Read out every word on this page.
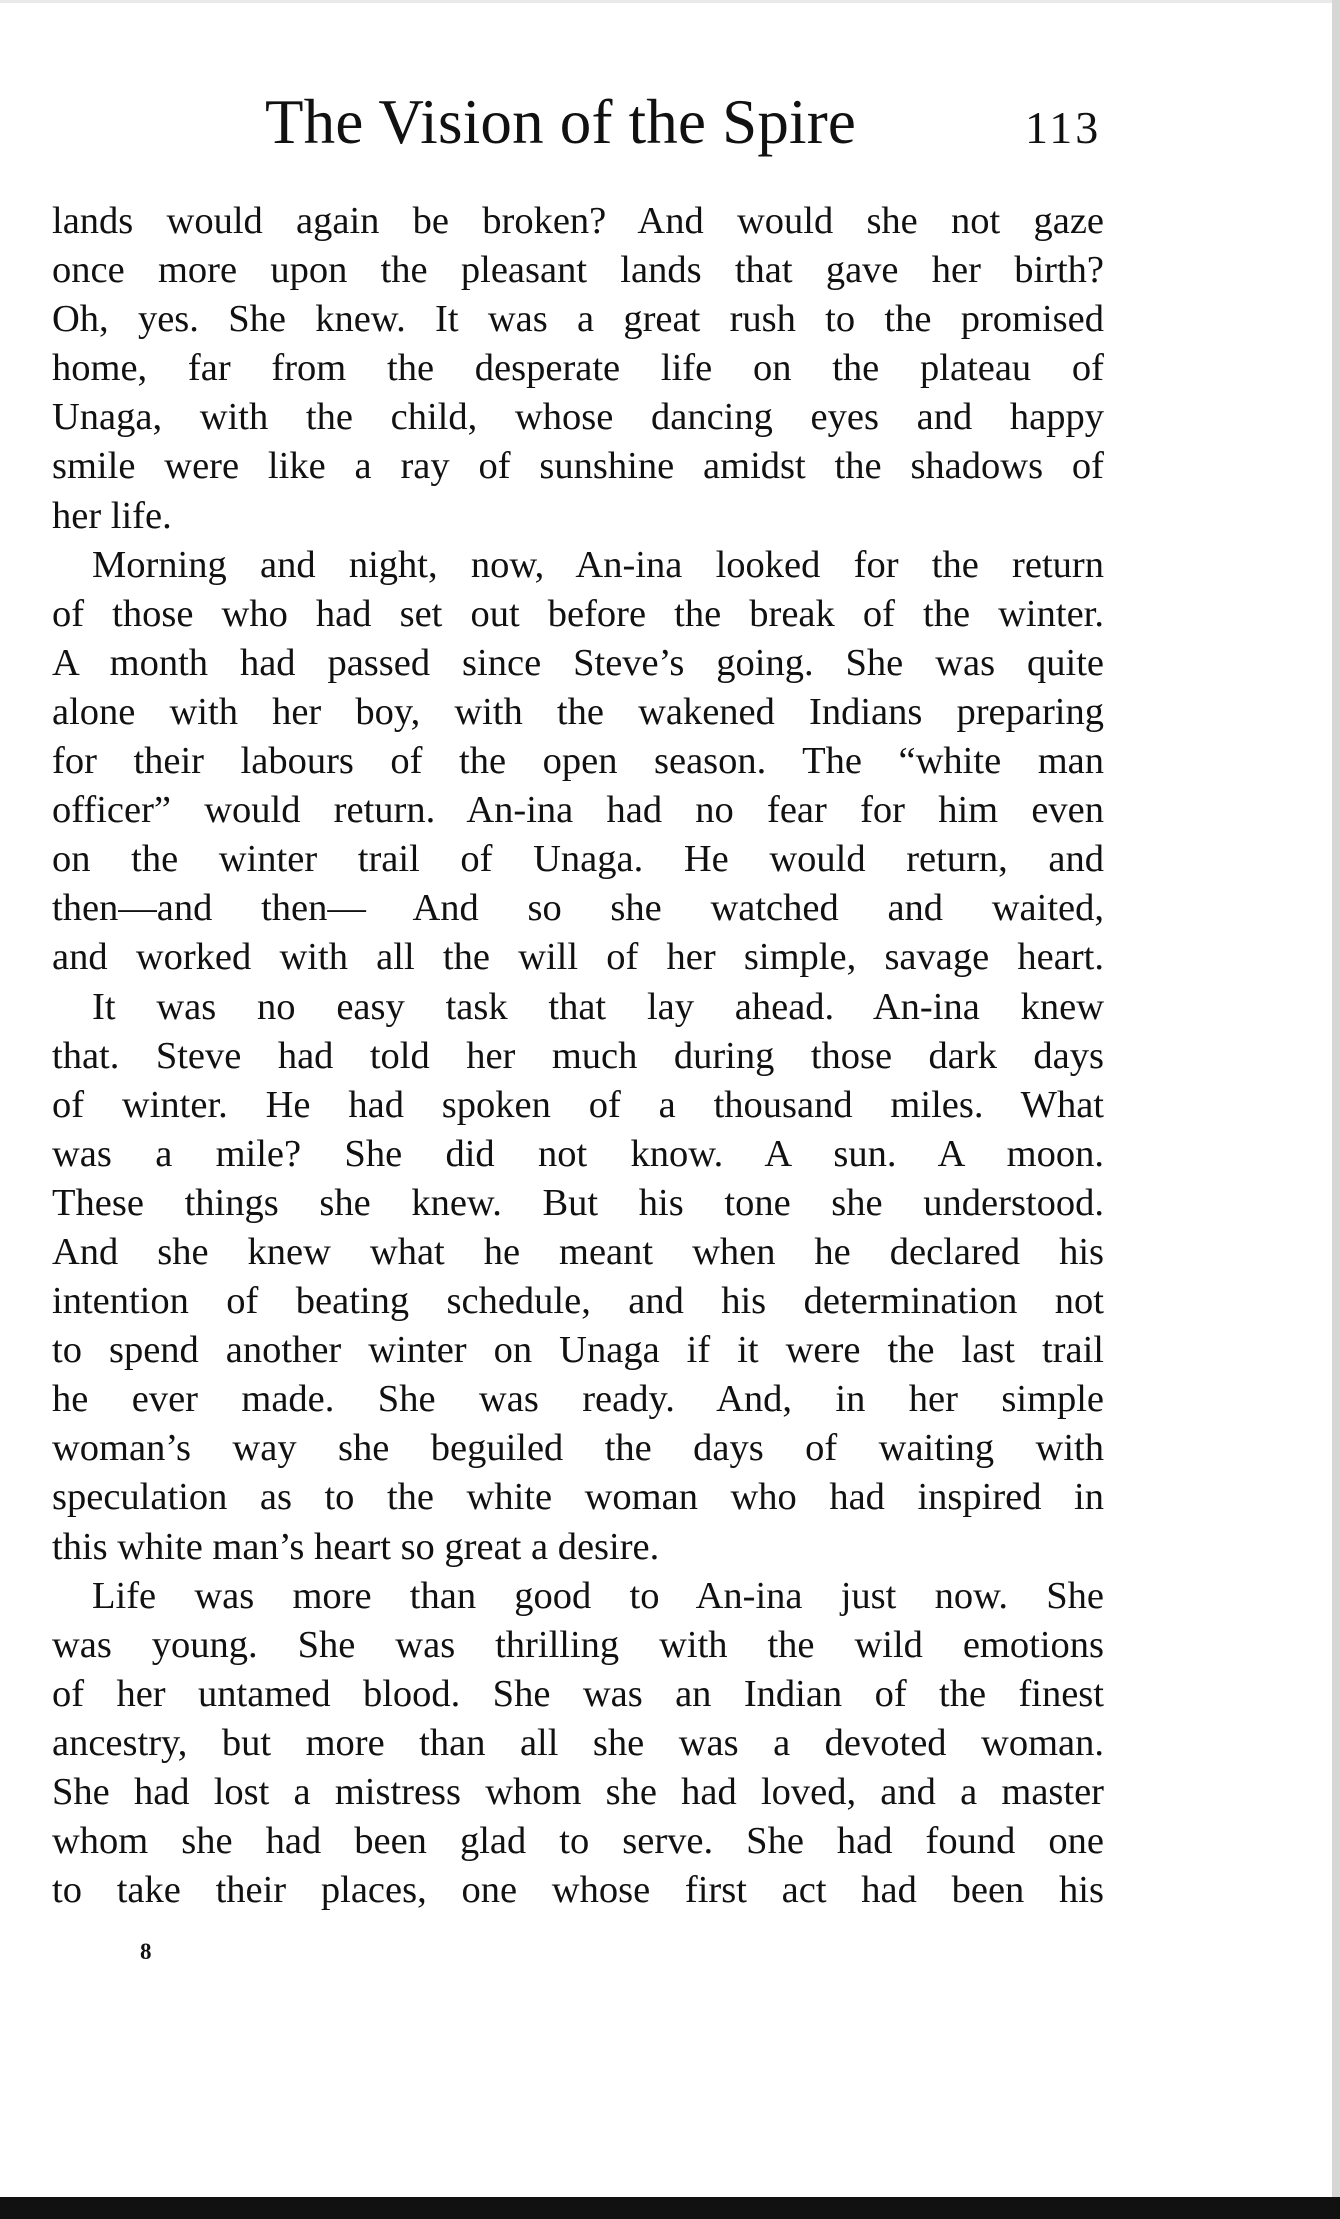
The Vision of the Spire	113
lands would again be broken? And would she not gaze
once more upon the pleasant lands that gave her birth?
Oh, yes. She knew. It was a great rush to the promised
home, far from the desperate life on the plateau of
Unaga, with the child, whose dancing eyes and happy
smile were like a ray of sunshine amidst the shadows of
her life.
Morning and night, now, An-ina looked for the return
of those who had set out before the break of the winter.
A month had passed since Steve’s going. She was quite
alone with her boy, with the wakened Indians preparing
for their labours of the open season. The “white man
officer” would return. An-ina had no fear for him even
on the winter trail of Unaga. He would return, and
then—and then— And so she watched and waited,
and worked with all the will of her simple, savage heart.
It was no easy task that lay ahead. An-ina knew
that. Steve had told her much during those dark days
of winter. He had spoken of a thousand miles. What
was a mile? She did not know. A sun. A moon.
These things she knew. But his tone she understood.
And she knew what he meant when he declared his
intention of beating schedule, and his determination not
to spend another winter on Unaga if it were the last trail
he ever made. She was ready. And, in her simple
woman’s way she beguiled the days of waiting with
speculation as to the white woman who had inspired in
this white man’s heart so great a desire.
Life was more than good to An-ina just now. She
was young. She was thrilling with the wild emotions
of her untamed blood. She was an Indian of the finest
ancestry, but more than all she was a devoted woman.
She had lost a mistress whom she had loved, and a master
whom she had been glad to serve. She had found one
to take their places, one whose first act had been his
8
